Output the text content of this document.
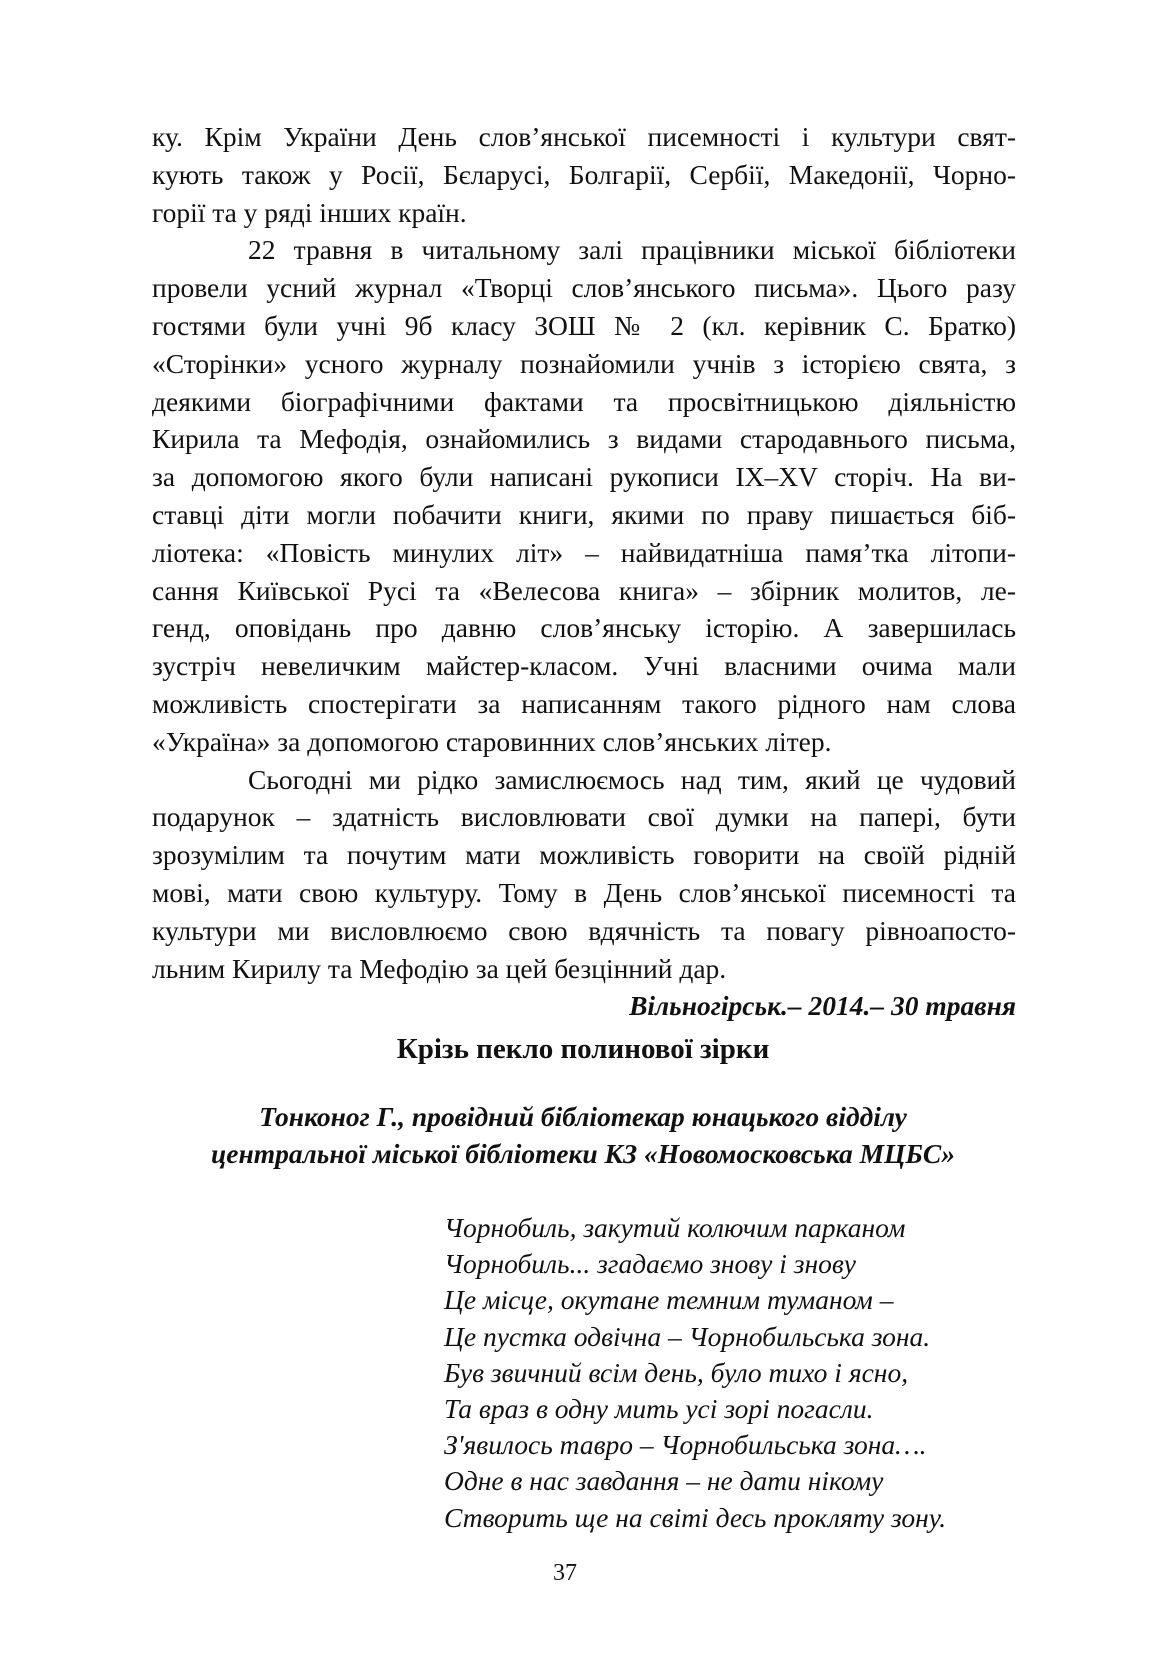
ку. Крім України День слов’янської писемності і культури свят-
кують також у Росії, Бєларусі, Болгарії, Сербії, Македонії, Чорно-
горії та у ряді інших країн.

22 травня в читальному залі працівники міської бібліотеки
провели усний журнал «Творці слов’янського письма». Цього разу
гостями були учні 9б класу ЗОШ № 2 (кл. керівник С. Братко)
«Сторінки» усного журналу познайомили учнів з історією свята, з
деякими біографічними фактами та просвітницькою діяльністю
Кирила та Мефодія, ознайомились з видами стародавнього письма,
за допомогою якого були написані рукописи IX–XV сторіч. На ви-
ставці діти могли побачити книги, якими по праву пишається біб-
ліотека: «Повість минулих літ» – найвидатніша памя’тка літопи-
сання Київської Русі та «Велесова книга» – збірник молитов, ле-
генд, оповідань про давню слов’янську історію. А завершилась
зустріч невеличким майстер-класом. Учні власними очима мали
можливість спостерігати за написанням такого рідного нам слова
«Україна» за допомогою старовинних слов’янських літер.

Сьогодні ми рідко замислюємось над тим, який це чудовий
подарунок – здатність висловлювати свої думки на папері, бути
зрозумілим та почутим мати можливість говорити на своїй рідній
мові, мати свою культуру. Тому в День слов’янської писемності та
культури ми висловлюємо свою вдячність та повагу рівноапосто-
льним Кирилу та Мефодію за цей безцінний дар.

Вільногірськ.– 2014.– 30 травня

Крізь пекло полинової зірки
Тонконог Г., провідний бібліотекар юнацького відділу
центральної міської бібліотеки КЗ «Новомосковська МЦБС»
Чорнобиль, закутий колючим парканом
Чорнобиль... згадаємо знову і знову
Це місце, окутане темним туманом –
Це пустка одвічна – Чорнобильська зона.
Був звичний всім день, було тихо і ясно,
Та враз в одну мить усі зорі погасли.
З'явилось тавро – Чорнобильська зона….
Одне в нас завдання – не дати нікому
Створить ще на світі десь прокляту зону.
37
